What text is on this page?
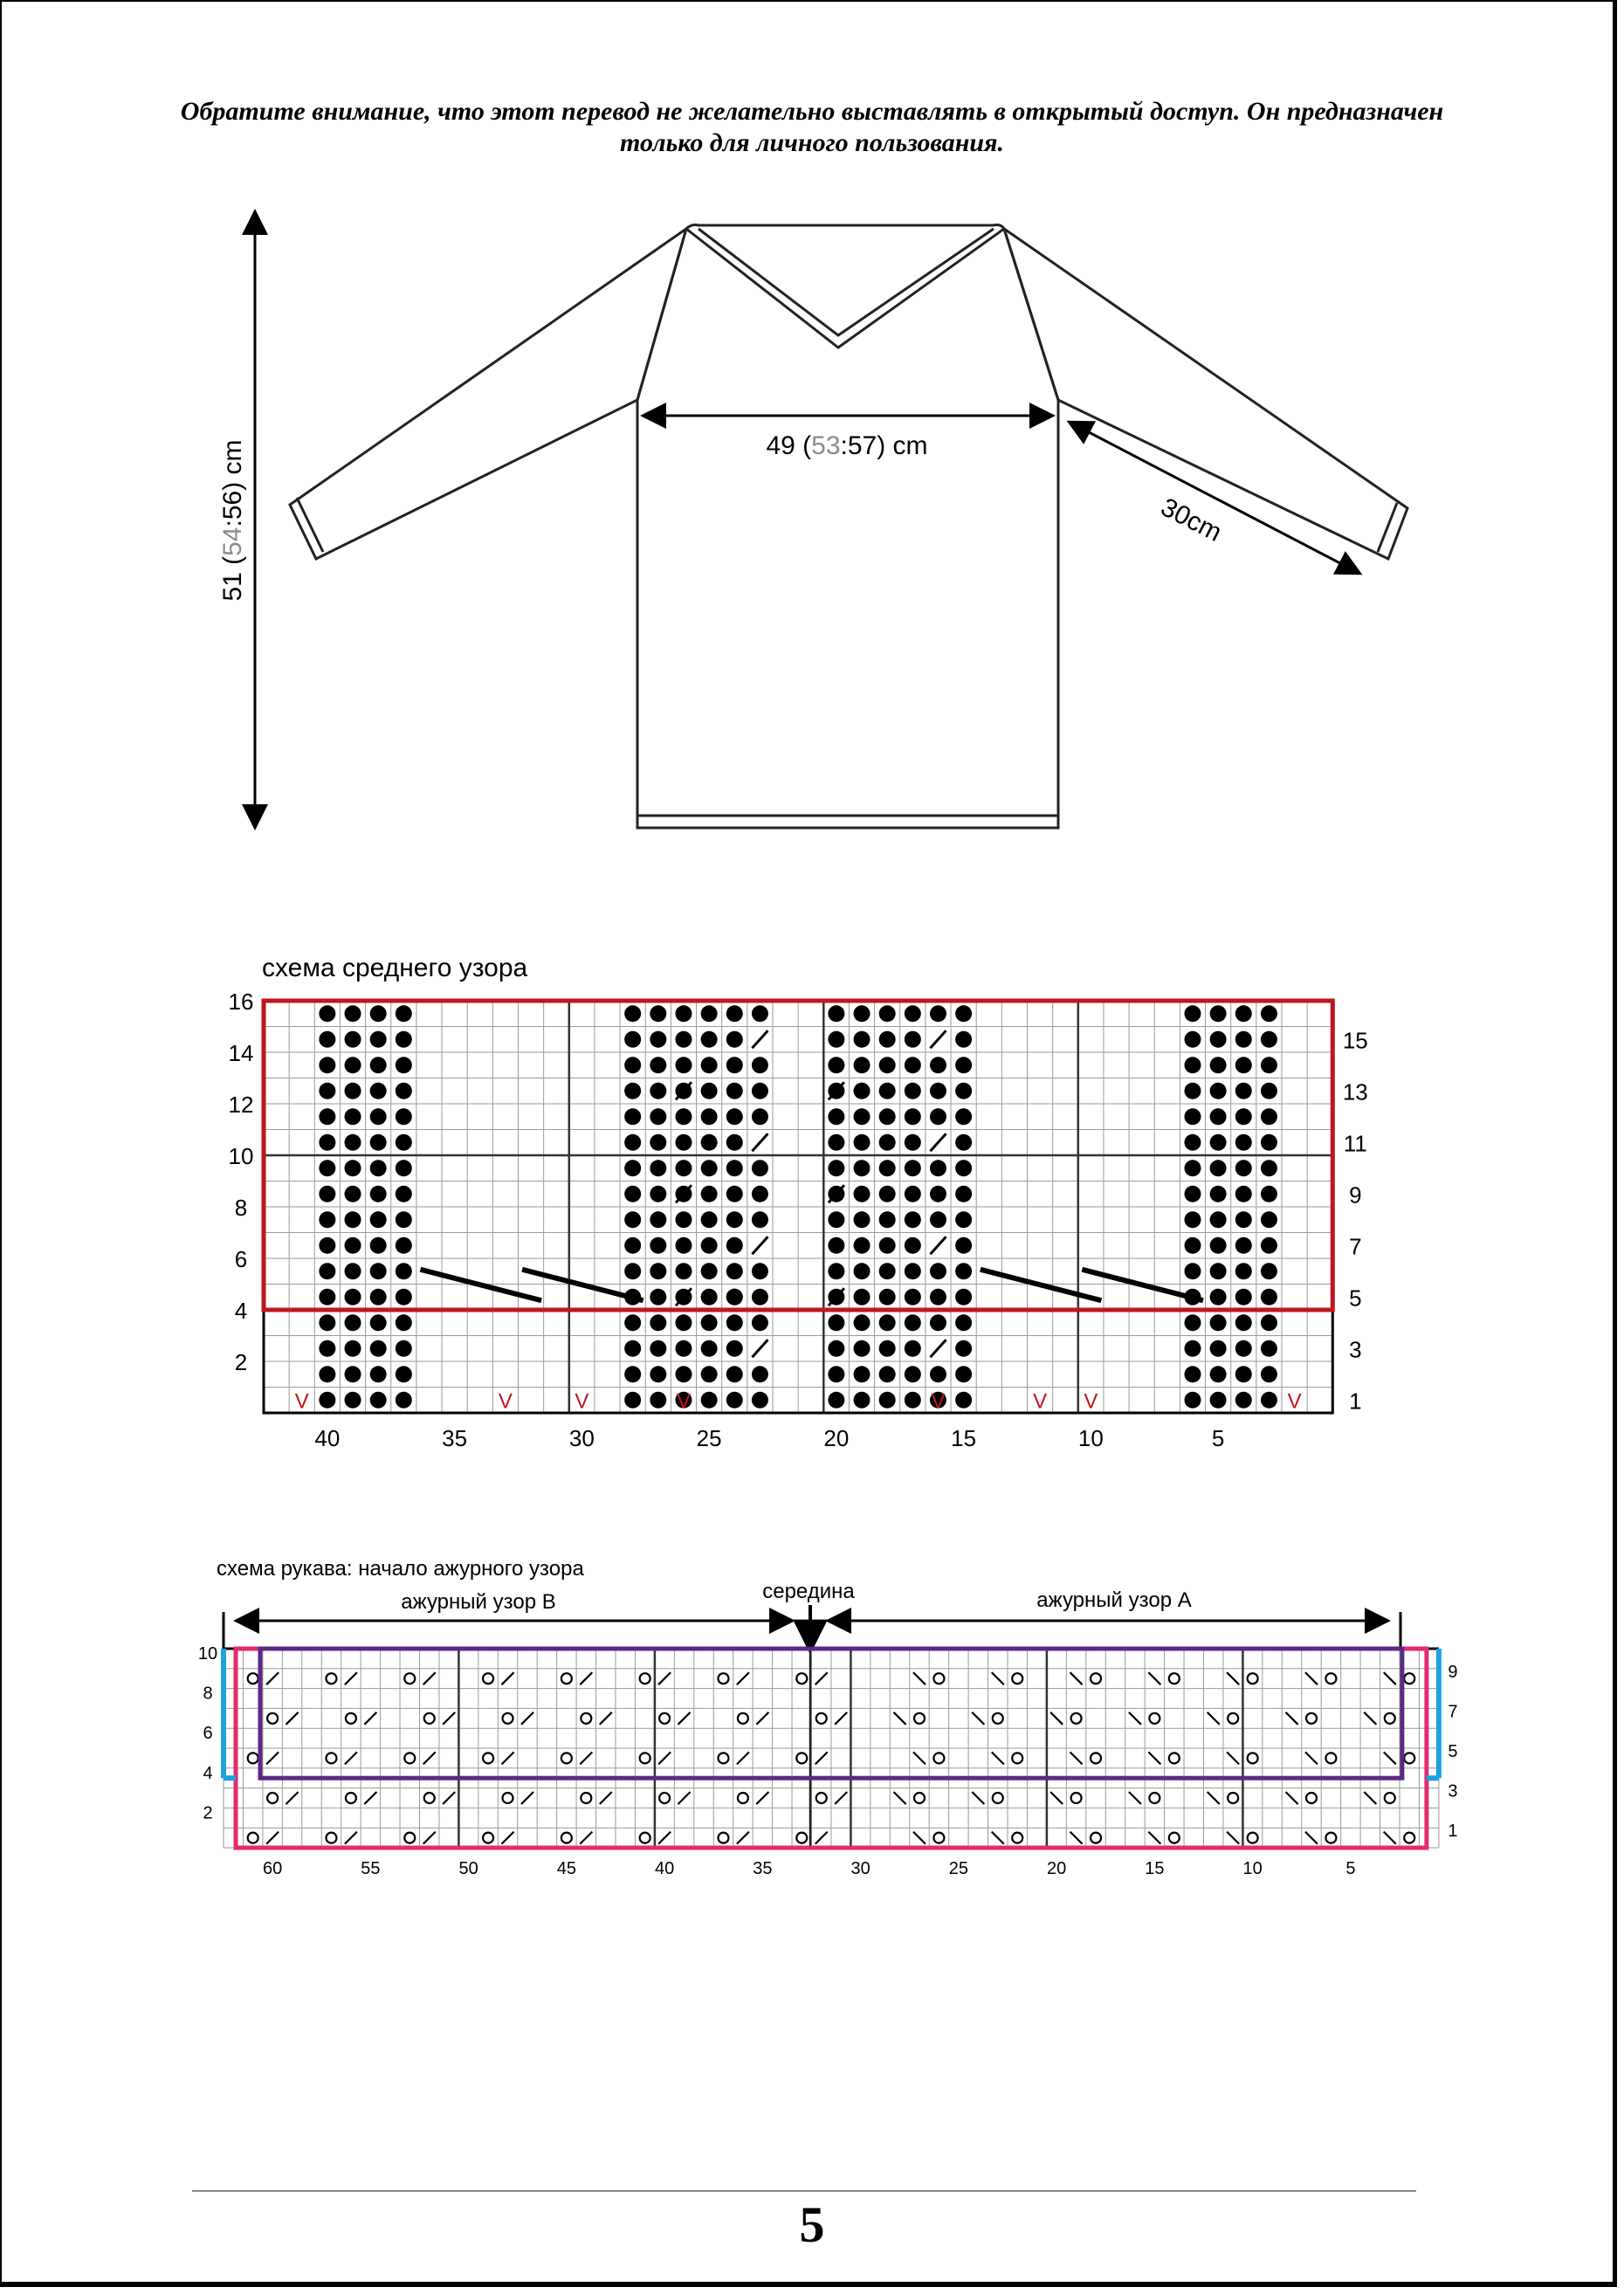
Обратите внимание, что этот перевод не желательно выставлять в открытый доступ. Он предназначен только для личного пользования.
51 (54:56) cm	49 (53:57) cm
30cm
схема среднего узора
V	V	V	V	V	V V	V
16
14
12
10
8
6
4
2
15
13
11
9
7
5
3
1
40	35	30	25	20	15	10	5
схема рукава: начало ажурного узора
ажурный узор В	середина	ажурный узор А
10
8
6
4
2
9
7
5
3
1
60	55	50	45	40	35	30	25	20	15	10	5
5
